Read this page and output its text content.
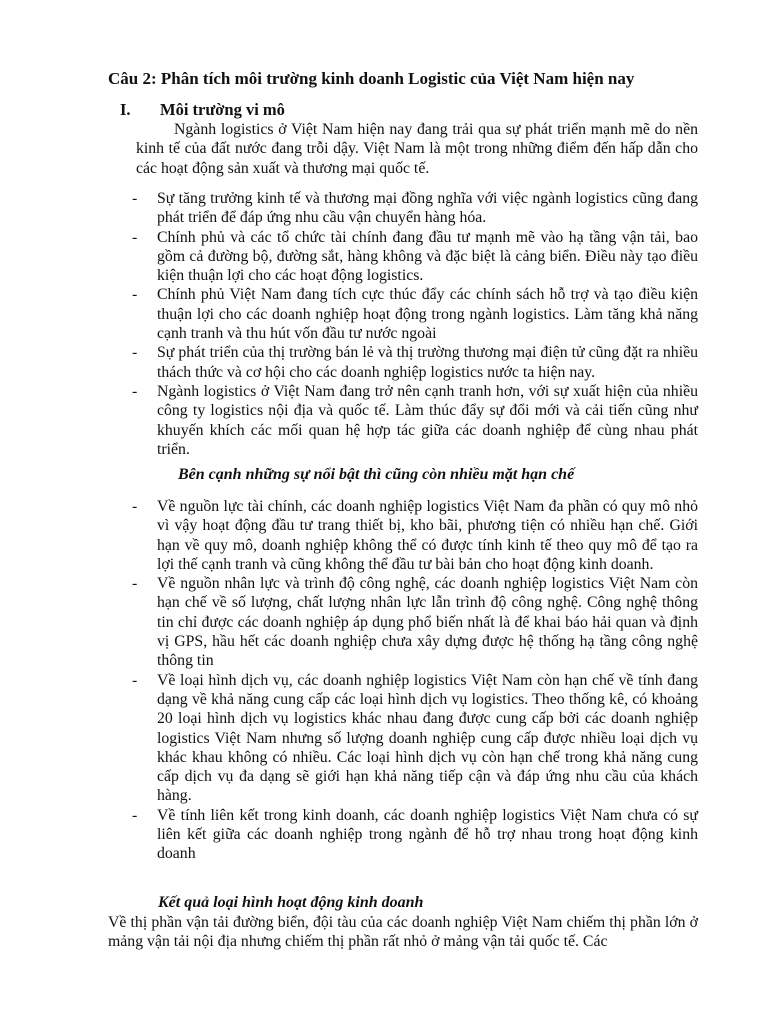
Câu 2: Phân tích môi trường kinh doanh Logistic của Việt Nam hiện nay
I. Môi trường vi mô

Ngành logistics ở Việt Nam hiện nay đang trải qua sự phát triển mạnh mẽ do nền kinh tế của đất nước đang trỗi dậy. Việt Nam là một trong những điểm đến hấp dẫn cho các hoạt động sản xuất và thương mại quốc tế.

- Sự tăng trưởng kinh tế và thương mại đồng nghĩa với việc ngành logistics cũng đang phát triển để đáp ứng nhu cầu vận chuyển hàng hóa.
- Chính phủ và các tổ chức tài chính đang đầu tư mạnh mẽ vào hạ tầng vận tải, bao gồm cả đường bộ, đường sắt, hàng không và đặc biệt là cảng biển. Điều này tạo điều kiện thuận lợi cho các hoạt động logistics.
- Chính phủ Việt Nam đang tích cực thúc đẩy các chính sách hỗ trợ và tạo điều kiện thuận lợi cho các doanh nghiệp hoạt động trong ngành logistics. Làm tăng khả năng cạnh tranh và thu hút vốn đầu tư nước ngoài
- Sự phát triển của thị trường bán lẻ và thị trường thương mại điện tử cũng đặt ra nhiều thách thức và cơ hội cho các doanh nghiệp logistics nước ta hiện nay.
- Ngành logistics ở Việt Nam đang trở nên cạnh tranh hơn, với sự xuất hiện của nhiều công ty logistics nội địa và quốc tế. Làm thúc đẩy sự đổi mới và cải tiến cũng như khuyến khích các mối quan hệ hợp tác giữa các doanh nghiệp để cùng nhau phát triển.
Bên cạnh những sự nổi bật thì cũng còn nhiều mặt hạn chế
- Về nguồn lực tài chính, các doanh nghiệp logistics Việt Nam đa phần có quy mô nhỏ vì vậy hoạt động đầu tư trang thiết bị, kho bãi, phương tiện có nhiều hạn chế. Giới hạn về quy mô, doanh nghiệp không thể có được tính kinh tế theo quy mô để tạo ra lợi thế cạnh tranh và cũng không thể đầu tư bài bản cho hoạt động kinh doanh.
- Về nguồn nhân lực và trình độ công nghệ, các doanh nghiệp logistics Việt Nam còn hạn chế về số lượng, chất lượng nhân lực lẫn trình độ công nghệ. Công nghệ thông tin chỉ được các doanh nghiệp áp dụng phổ biến nhất là để khai báo hải quan và định vị GPS, hầu hết các doanh nghiệp chưa xây dựng được hệ thống hạ tầng công nghệ thông tin
- Về loại hình dịch vụ, các doanh nghiệp logistics Việt Nam còn hạn chế về tính đang dạng về khả năng cung cấp các loại hình dịch vụ logistics. Theo thống kê, có khoảng 20 loại hình dịch vụ logistics khác nhau đang được cung cấp bởi các doanh nghiệp logistics Việt Nam nhưng số lượng doanh nghiệp cung cấp được nhiều loại dịch vụ khác khau không có nhiều. Các loại hình dịch vụ còn hạn chế trong khả năng cung cấp dịch vụ đa dạng sẽ giới hạn khả năng tiếp cận và đáp ứng nhu cầu của khách hàng.
- Về tính liên kết trong kinh doanh, các doanh nghiệp logistics Việt Nam chưa có sự liên kết giữa các doanh nghiệp trong ngành để hỗ trợ nhau trong hoạt động kinh doanh
Kết quả loại hình hoạt động kinh doanh

Về thị phần vận tải đường biển, đội tàu của các doanh nghiệp Việt Nam chiếm thị phần lớn ở mảng vận tải nội địa nhưng chiếm thị phần rất nhỏ ở mảng vận tải quốc tế. Các
